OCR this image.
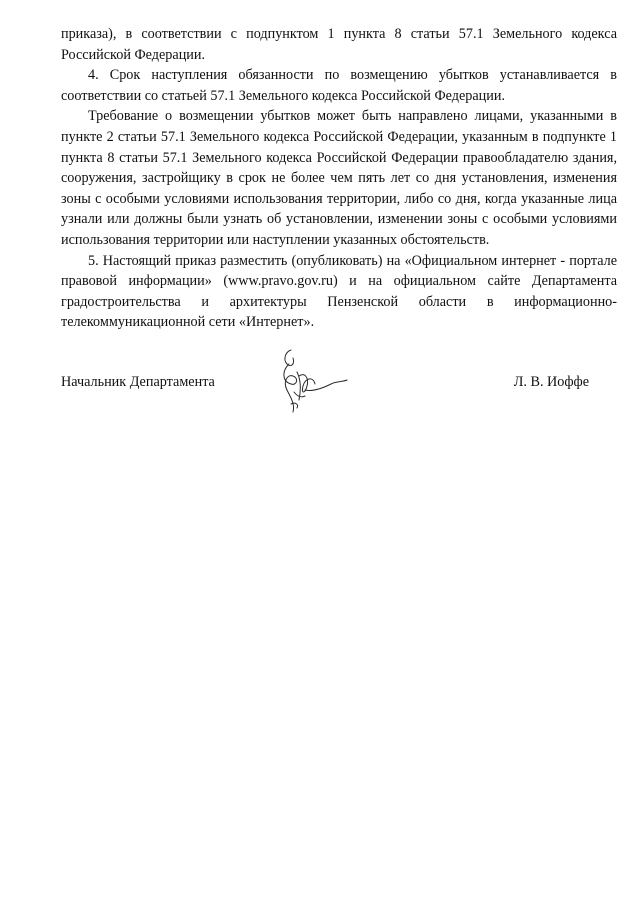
приказа), в соответствии с подпунктом 1 пункта 8 статьи 57.1 Земельного кодекса Российской Федерации.

4. Срок наступления обязанности по возмещению убытков устанавливается в соответствии со статьей 57.1 Земельного кодекса Российской Федерации.

Требование о возмещении убытков может быть направлено лицами, указанными в пункте 2 статьи 57.1 Земельного кодекса Российской Федерации, указанным в подпункте 1 пункта 8 статьи 57.1 Земельного кодекса Российской Федерации правообладателю здания, сооружения, застройщику в срок не более чем пять лет со дня установления, изменения зоны с особыми условиями использования территории, либо со дня, когда указанные лица узнали или должны были узнать об установлении, изменении зоны с особыми условиями использования территории или наступлении указанных обстоятельств.

5. Настоящий приказ разместить (опубликовать) на «Официальном интернет - портале правовой информации» (www.pravo.gov.ru) и на официальном сайте Департамента градостроительства и архитектуры Пензенской области в информационно-телекоммуникационной сети «Интернет».

Начальник Департамента	Л. В. Иоффе
